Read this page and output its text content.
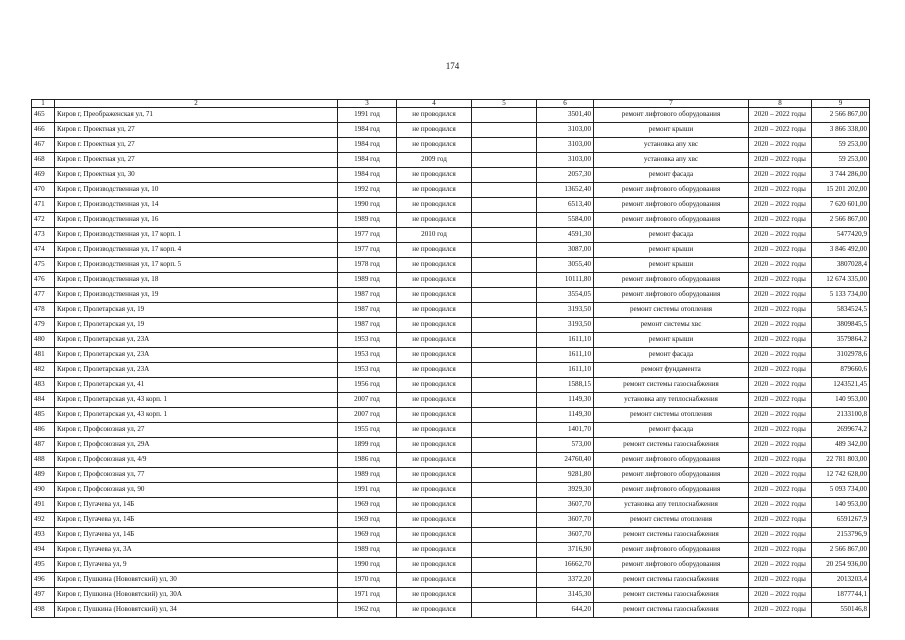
174
1	2	3	4	5	6	7	8	9
465	Киров г, Преображенская ул, 71	1991 год	не проводился		3501,40	ремонт лифтового оборудования	2020 – 2022 годы	2 566 867,00
466	Киров г. Проектная ул, 27	1984 год	не проводился		3103,00	ремонт крыши	2020 – 2022 годы	3 866 338,00
467	Киров г. Проектная ул, 27	1984 год	не проводился		3103,00	установка апу хвс	2020 – 2022 годы	59 253,00
468	Киров г. Проектная ул, 27	1984 год	2009 год		3103,00	установка апу хвс	2020 – 2022 годы	59 253,00
469	Киров г, Проектная ул, 30	1984 год	не проводился		2057,30	ремонт фасада	2020 – 2022 годы	3 744 286,00
470	Киров г, Производственная ул, 10	1992 год	не проводился		13652,40	ремонт лифтового оборудования	2020 – 2022 годы	15 201 202,00
471	Киров г, Производственная ул, 14	1990 год	не проводился		6513,40	ремонт лифтового оборудования	2020 – 2022 годы	7 620 601,00
472	Киров г, Производственная ул, 16	1989 год	не проводился		5584,00	ремонт лифтового оборудования	2020 – 2022 годы	2 566 867,00
473	Киров г, Производственная ул, 17 корп. 1	1977 год	2010 год		4591,30	ремонт фасада	2020 – 2022 годы	5477420,9
474	Киров г, Производственная ул, 17 корп. 4	1977 год	не проводился		3087,00	ремонт крыши	2020 – 2022 годы	3 846 492,00
475	Киров г, Производственная ул, 17 корп. 5	1978 год	не проводился		3055,40	ремонт крыши	2020 – 2022 годы	3807028,4
476	Киров г, Производственная ул, 18	1989 год	не проводился		10111,80	ремонт лифтового оборудования	2020 – 2022 годы	12 674 335,00
477	Киров г, Производственная ул, 19	1987 год	не проводился		3554,05	ремонт лифтового оборудования	2020 – 2022 годы	5 133 734,00
478	Киров г, Пролетарская ул, 19	1987 год	не проводился		3193,50	ремонт системы отопления	2020 – 2022 годы	5834524,5
479	Киров г, Пролетарская ул, 19	1987 год	не проводился		3193,50	ремонт системы хвс	2020 – 2022 годы	3809845,5
480	Киров г, Пролетарская ул, 23А	1953 год	не проводился		1611,10	ремонт крыши	2020 – 2022 годы	3579864,2
481	Киров г, Пролетарская ул, 23А	1953 год	не проводился		1611,10	ремонт фасада	2020 – 2022 годы	3102978,6
482	Киров г, Пролетарская ул, 23А	1953 год	не проводился		1611,10	ремонт фундамента	2020 – 2022 годы	879660,6
483	Киров г, Пролетарская ул, 41	1956 год	не проводился		1588,15	ремонт системы газоснабжения	2020 – 2022 годы	1243521,45
484	Киров г, Пролетарская ул, 43 корп. 1	2007 год	не проводился		1149,30	установка апу теплоснабжения	2020 – 2022 годы	140 953,00
485	Киров г, Пролетарская ул, 43 корп. 1	2007 год	не проводился		1149,30	ремонт системы отопления	2020 – 2022 годы	2133100,8
486	Киров г, Профсоюзная ул, 27	1955 год	не проводился		1401,70	ремонт фасада	2020 – 2022 годы	2699674,2
487	Киров г, Профсоюзная ул, 29А	1899 год	не проводился		573,00	ремонт системы газоснабжения	2020 – 2022 годы	489 342,00
488	Киров г, Профсоюзная ул, 4/9	1986 год	не проводился		24760,40	ремонт лифтового оборудования	2020 – 2022 годы	22 781 803,00
489	Киров г, Профсоюзная ул, 77	1989 год	не проводился		9281,80	ремонт лифтового оборудования	2020 – 2022 годы	12 742 628,00
490	Киров г, Профсоюзная ул, 90	1991 год	не проводился		3929,30	ремонт лифтового оборудования	2020 – 2022 годы	5 093 734,00
491	Киров г, Пугачева ул, 14Б	1969 год	не проводился		3607,70	установка апу теплоснабжения	2020 – 2022 годы	140 953,00
492	Киров г, Пугачева ул, 14Б	1969 год	не проводился		3607,70	ремонт системы отопления	2020 – 2022 годы	6591267,9
493	Киров г, Пугачева ул, 14Б	1969 год	не проводился		3607,70	ремонт системы газоснабжения	2020 – 2022 годы	2153796,9
494	Киров г, Пугачева ул, 3А	1989 год	не проводился		3716,90	ремонт лифтового оборудования	2020 – 2022 годы	2 566 867,00
495	Киров г, Пугачева ул, 9	1990 год	не проводился		16662,70	ремонт лифтового оборудования	2020 – 2022 годы	20 254 936,00
496	Киров г, Пушкина (Нововятский) ул, 30	1970 год	не проводился		3372,20	ремонт системы газоснабжения	2020 – 2022 годы	2013203,4
497	Киров г, Пушкина (Нововятский) ул, 30А	1971 год	не проводился		3145,30	ремонт системы газоснабжения	2020 – 2022 годы	1877744,1
498	Киров г, Пушкина (Нововятский) ул, 34	1962 год	не проводился		644,20	ремонт системы газоснабжения	2020 – 2022 годы	550146,8
